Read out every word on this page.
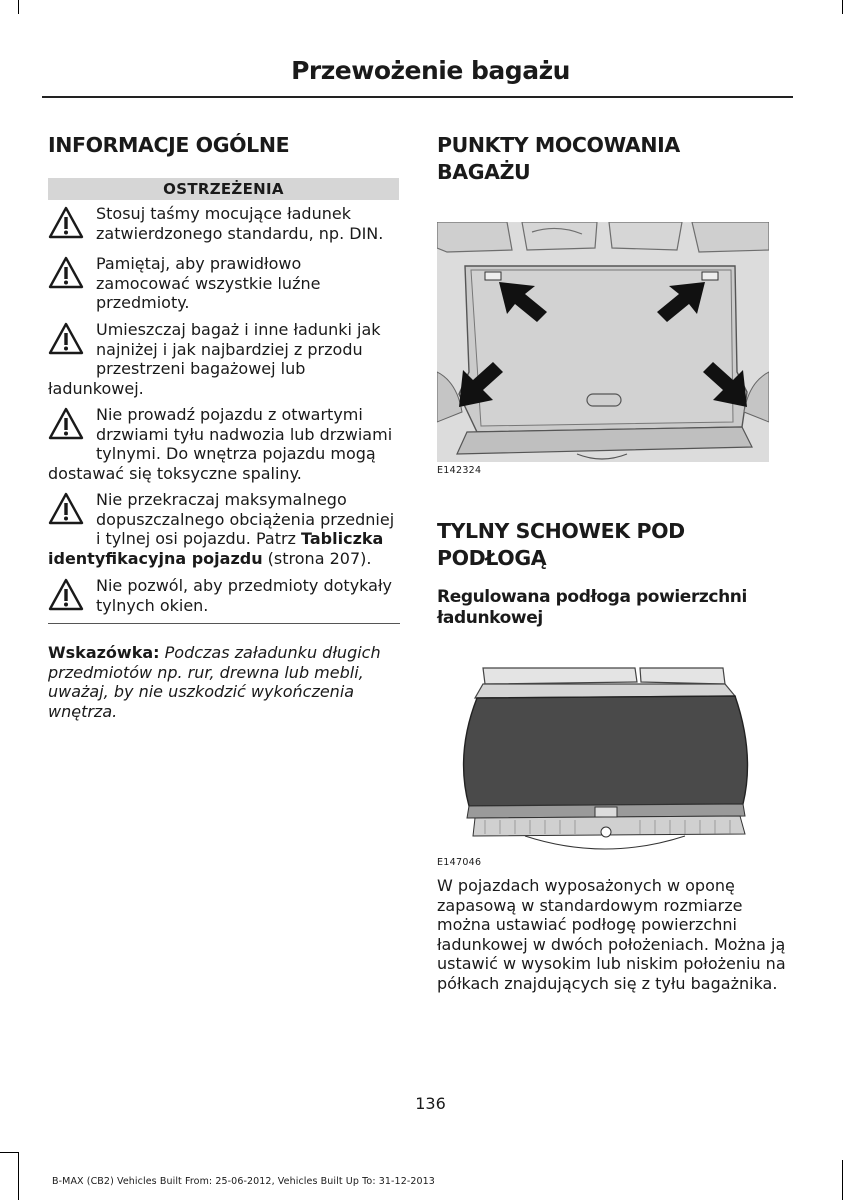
Przewożenie bagażu
INFORMACJE OGÓLNE
OSTRZEŻENIA

Stosuj taśmy mocujące ładunek zatwierdzonego standardu, np. DIN.

Pamiętaj, aby prawidłowo zamocować wszystkie luźne przedmioty.

Umieszczaj bagaż i inne ładunki jak najniżej i jak najbardziej z przodu przestrzeni bagażowej lub ładunkowej.

Nie prowadź pojazdu z otwartymi drzwiami tyłu nadwozia lub drzwiami tylnymi. Do wnętrza pojazdu mogą dostawać się toksyczne spaliny.

Nie przekraczaj maksymalnego dopuszczalnego obciążenia przedniej i tylnej osi pojazdu. Patrz Tabliczka identyfikacyjna pojazdu (strona 207).

Nie pozwól, aby przedmioty dotykały tylnych okien.

Wskazówka: Podczas załadunku długich przedmiotów np. rur, drewna lub mebli, uważaj, by nie uszkodzić wykończenia wnętrza.
PUNKTY MOCOWANIA
BAGAŻU
E142324
TYLNY SCHOWEK POD
PODŁOGĄ
Regulowana podłoga powierzchni
ładunkowej
E147046
W pojazdach wyposażonych w oponę zapasową w standardowym rozmiarze można ustawiać podłogę powierzchni ładunkowej w dwóch położeniach. Można ją ustawić w wysokim lub niskim położeniu na półkach znajdujących się z tyłu bagażnika.
136
B-MAX (CB2) Vehicles Built From: 25-06-2012, Vehicles Built Up To: 31-12-2013
